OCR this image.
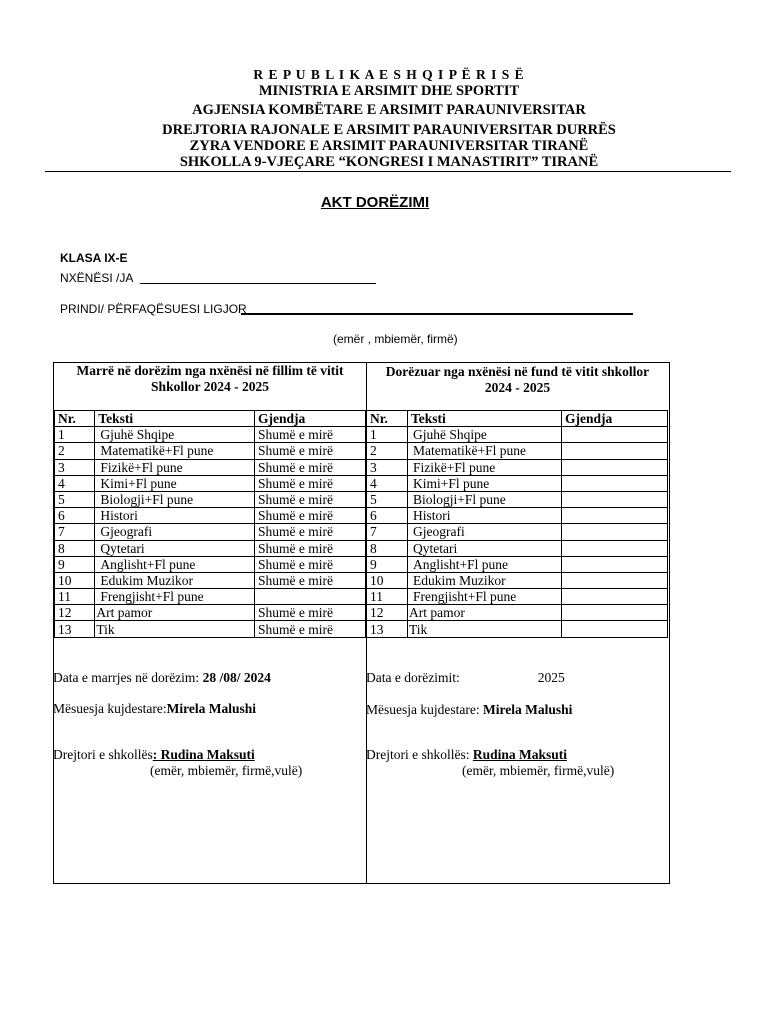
R E P U B L I K A E S H Q I P Ë R I S Ë
MINISTRIA E ARSIMIT DHE SPORTIT
AGJENSIA KOMBËTARE E ARSIMIT PARAUNIVERSITAR
DREJTORIA RAJONALE E ARSIMIT PARAUNIVERSITAR DURRËS
ZYRA VENDORE E ARSIMIT PARAUNIVERSITAR TIRANË
SHKOLLA 9-VJEÇARE “KONGRESI I MANASTIRIT” TIRANË
AKT DORËZIMI
KLASA IX-E
NXËNËSI /JA
PRINDI/ PËRFAQËSUESI LIGJOR
(emër , mbiemër, firmë)
Marrë në dorëzim nga nxënësi në fillim të vitit
Shkollor 2024 - 2025
Nr.	Tekstі	Gjendja
1	Gjuhë Shqipe	Shumë e mirë
2	Matematikë+Fl pune	Shumë e mirë
3	Fizikë+Fl pune	Shumë e mirë
4	Kimi+Fl pune	Shumë e mirë
5	Biologji+Fl pune	Shumë e mirë
6	Histori	Shumë e mirë
7	Gjeografi	Shumë e mirë
8	Qytetari	Shumë e mirë
9	Anglisht+Fl pune	Shumë e mirë
10	Edukim Muzikor	Shumë e mirë
11	Frengjisht+Fl pune	
12	Art pamor	Shumë e mirë
13	Tik	Shumë e mirë
Data e marrjes në dorëzim: 28 /08/ 2024
Mësuesja kujdestare:Mirela Malushi
Drejtori e shkollës: Rudina Maksuti
(emër, mbiemër, firmë,vulë)
Dorëzuar nga nxënësi në fund të vitit shkollor
2024 - 2025
Nr.	Teksti	Gjendja
1	Gjuhë Shqipe	
2	Matematikë+Fl pune	
3	Fizikë+Fl pune	
4	Kimi+Fl pune	
5	Biologji+Fl pune	
6	Histori	
7	Gjeografi	
8	Qytetari	
9	Anglisht+Fl pune	
10	Edukim Muzikor	
11	Frengjisht+Fl pune	
12	Art pamor	
13	Tik	
Data e dorëzimit:	2025
Mësuesja kujdestare: Mirela Malushi
Drejtori e shkollës: Rudina Maksuti
(emër, mbiemër, firmë,vulë)
